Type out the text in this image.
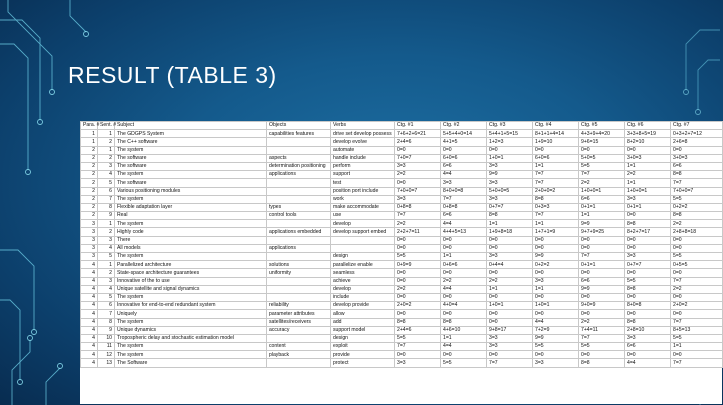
RESULT (TABLE 3)
Para. #	Sent. #	Subject	Objects	Verbs	Ctg. #1	Ctg. #2	Ctg. #3	Ctg. #4	Ctg. #5	Ctg. #6	Ctg. #7
1	1	The GDGPS System	capabilities features	drive set develop possess	7+6+2+6=21	5+5+4+0=14	5+4+1+5=15	8+1+1+4=14	4+3+9+4=20	3+3+8+5=19	0+3+2+7=12
1	2	The C++ software		develop evolve	2+4=6	4+1=5	1+2=3	1+9=10	9+6=15	8+2=10	2+6=8
2	1	The system		automate	0=0	0=0	0=0	0=0	0=0	0=0	0=0
2	2	The software	aspects	handle include	7+0=7	6+0=6	1+0=1	6+0=6	5+0=5	3+0=3	3+0=3
2	3	The software	determination positioning	perform	3=3	6=6	3=3	1=1	5=5	1=1	6=6
2	4	The system	applications	support	2=2	4=4	9=9	7=7	7=7	2=2	8=8
2	5	The software		test	0=0	3=3	3=3	7=7	2=2	1=1	7=7
2	6	Various positioning modules		position port include	7+0+0=7	8+0+0=8	5+0+0=5	2+0+0=2	1+0+0=1	1+0+0=1	7+0+0=7
2	7	The system		work	3=3	7=7	3=3	8=8	6=6	3=3	5=5
2	8	Flexible adaptation layer	types	make accommodate	0+8=8	0+8=8	0+7=7	0+3=3	0+1=1	0+1=1	0+2=2
2	9	Real	control tools	use	7=7	6=6	8=8	7=7	1=1	0=0	8=8
3	1	The system		develop	2=2	4=4	1=1	1=1	9=9	8=8	2=2
3	2	Highly code	applications embedded	develop support embed	2+2+7=11	4+4+5=13	1+9+8=18	1+7+1=9	9+7+9=25	8+2+7=17	2+8+8=18
3	3	There			0=0	0=0	0=0	0=0	0=0	0=0	0=0
3	4	All models	applications		0=0	0=0	0=0	0=0	0=0	0=0	0=0
3	5	The system		design	5=5	1=1	3=3	9=9	7=7	3=3	5=5
4	1	Parallelized architecture	solutions	parallelize enable	0+9=9	0+6=6	0+4=4	0+2=2	0+1=1	0+7=7	0+5=5
4	2	State-space architecture guarantees	uniformity	seamless	0=0	0=0	0=0	0=0	0=0	0=0	0=0
4	3	Innovative of the to use		achieve	0=0	2=2	2=2	3=3	6=6	5=5	7=7
4	4	Unique satellite and signal dynamics		develop	2=2	4=4	1=1	1=1	9=9	8=8	2=2
4	5	The system		include	0=0	0=0	0=0	0=0	0=0	0=0	0=0
4	6	Innovative for end-to-end redundant system	reliability	develop provide	2+0=2	4+0=4	1+0=1	1+0=1	9+0=9	8+0=8	2+0=2
4	7	Uniquely	parameter attributes	allow	0=0	0=0	0=0	0=0	0=0	0=0	0=0
4	8	The system	satellites/receivers	add	8=8	8=8	0=0	4=4	2=2	8=8	7=7
4	9	Unique dynamics	accuracy	support model	2+4=6	4+6=10	9+8=17	7+2=9	7+4=11	2+8=10	8+5=13
4	10	Tropospheric delay and stochastic estimation model		design	5=5	1=1	3=3	9=9	7=7	3=3	5=5
4	11	The system	content	exploit	7=7	4=4	3=3	5=5	5=5	6=6	1=1
4	12	The system	playback	provide	0=0	0=0	0=0	0=0	0=0	0=0	0=0
4	13	The Software		protect	3=3	5=5	7=7	3=3	8=8	4=4	7=7
